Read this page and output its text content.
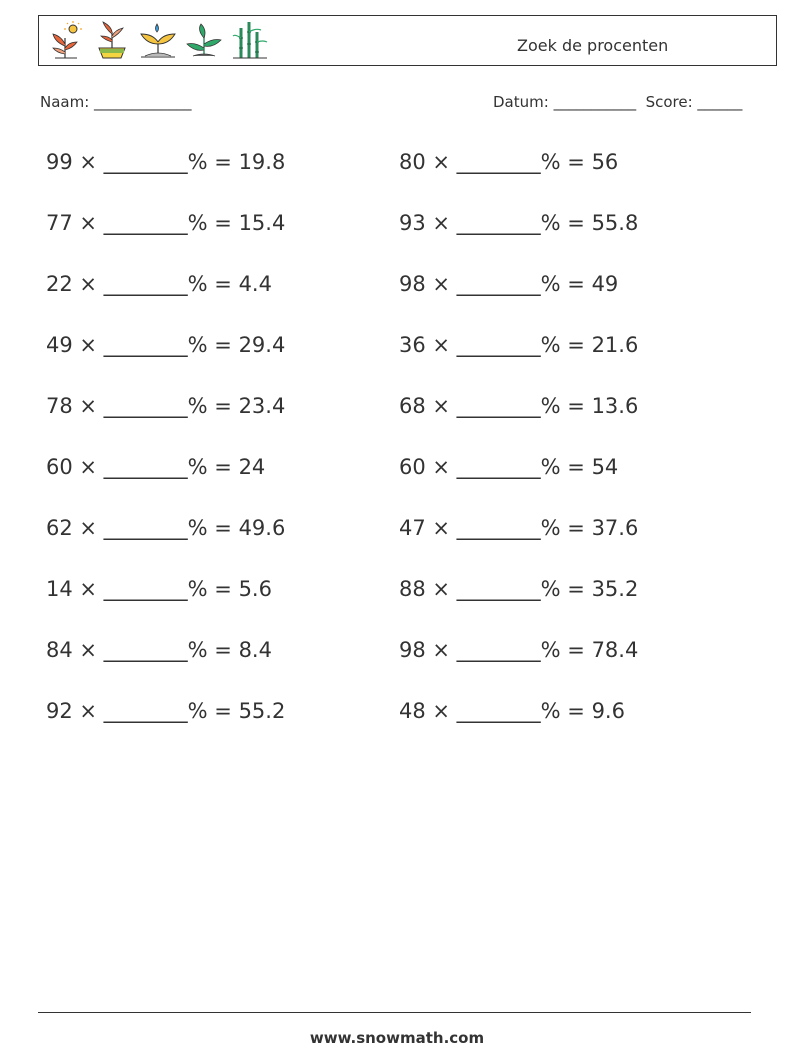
Zoek de procenten
Naam: _____________	Datum: ___________  Score: ______
99 × ________% = 19.8
77 × ________% = 15.4
22 × ________% = 4.4
49 × ________% = 29.4
78 × ________% = 23.4
60 × ________% = 24
62 × ________% = 49.6
14 × ________% = 5.6
84 × ________% = 8.4
92 × ________% = 55.2
80 × ________% = 56
93 × ________% = 55.8
98 × ________% = 49
36 × ________% = 21.6
68 × ________% = 13.6
60 × ________% = 54
47 × ________% = 37.6
88 × ________% = 35.2
98 × ________% = 78.4
48 × ________% = 9.6
www.snowmath.com
